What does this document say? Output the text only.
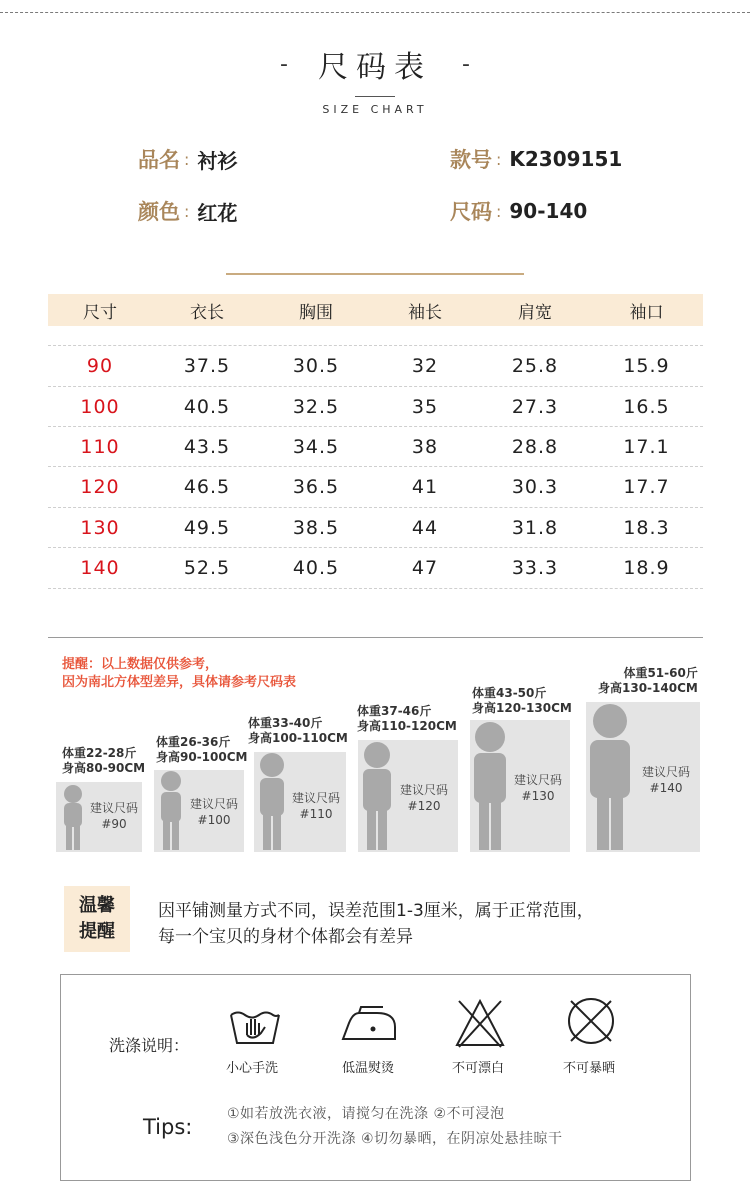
- 尺码表 -
SIZE CHART
品名 : 衬衫	款号 : K2309151
颜色 : 红花	尺码 : 90-140
尺寸	衣长	胸围	袖长	肩宽	袖口
90	37.5	30.5	32	25.8	15.9
100	40.5	32.5	35	27.3	16.5
110	43.5	34.5	38	28.8	17.1
120	46.5	36.5	41	30.3	17.7
130	49.5	38.5	44	31.8	18.3
140	52.5	40.5	47	33.3	18.9
提醒：以上数据仅供参考，
因为南北方体型差异，具体请参考尺码表
体重22-28斤
身高80-90CM
建议尺码
#90
体重26-36斤
身高90-100CM
建议尺码
#100
体重33-40斤
身高100-110CM
建议尺码
#110
体重37-46斤
身高110-120CM
建议尺码
#120
体重43-50斤
身高120-130CM
建议尺码
#130
体重51-60斤
身高130-140CM
建议尺码
#140
温馨
提醒
因平铺测量方式不同，误差范围1-3厘米，属于正常范围，
每一个宝贝的身材个体都会有差异
洗涤说明：
小心手洗	低温熨烫	不可漂白	不可暴晒
Tips:
①如若放洗衣液，请搅匀在洗涤 ②不可浸泡
③深色浅色分开洗涤 ④切勿暴晒，在阴凉处悬挂晾干
